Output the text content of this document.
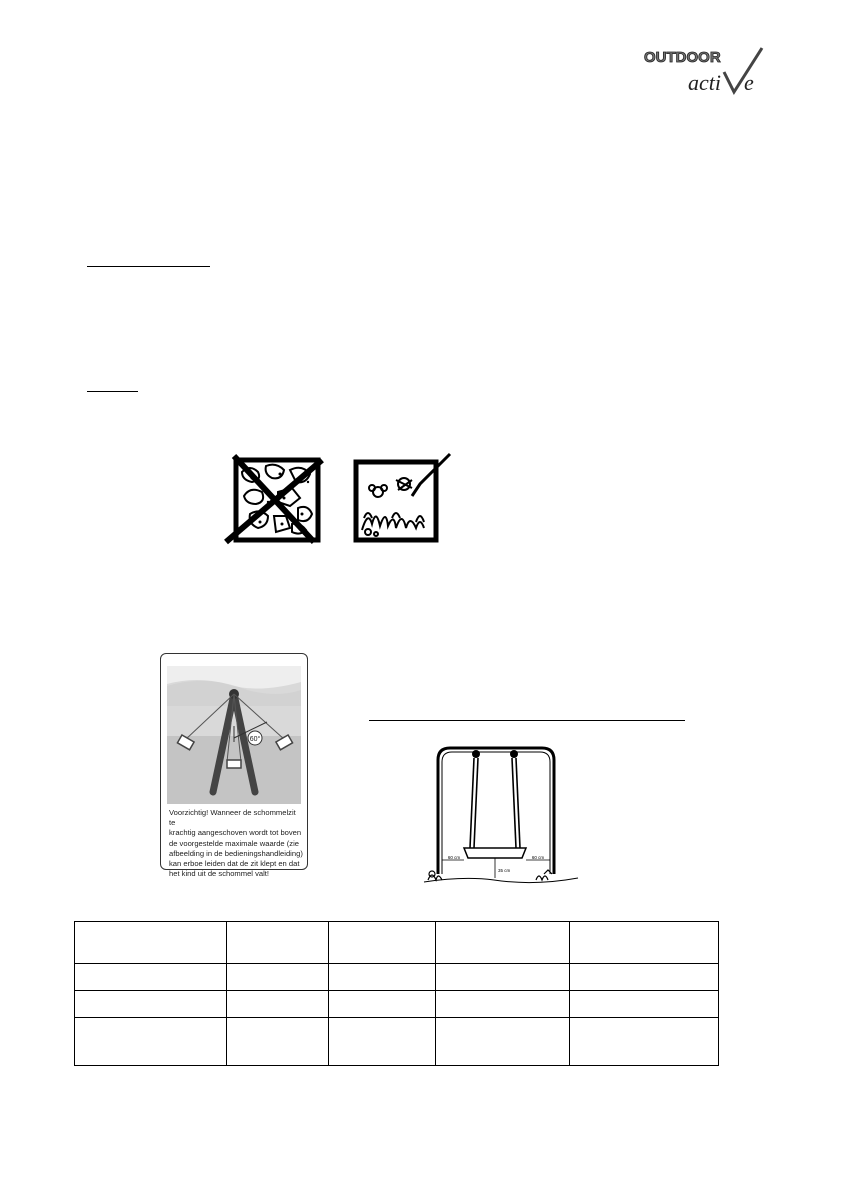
OUTDOOR
acti e
60°
Voorzichtig! Wanneer de schommelzit te
krachtig aangeschoven wordt tot boven
de voorgestelde maximale waarde (zie
afbeelding in de bedieningshandleiding)
kan erboe leiden dat de zit klept en dat
het kind uit de schommel valt!
60 cm	60 cm
35 cm
